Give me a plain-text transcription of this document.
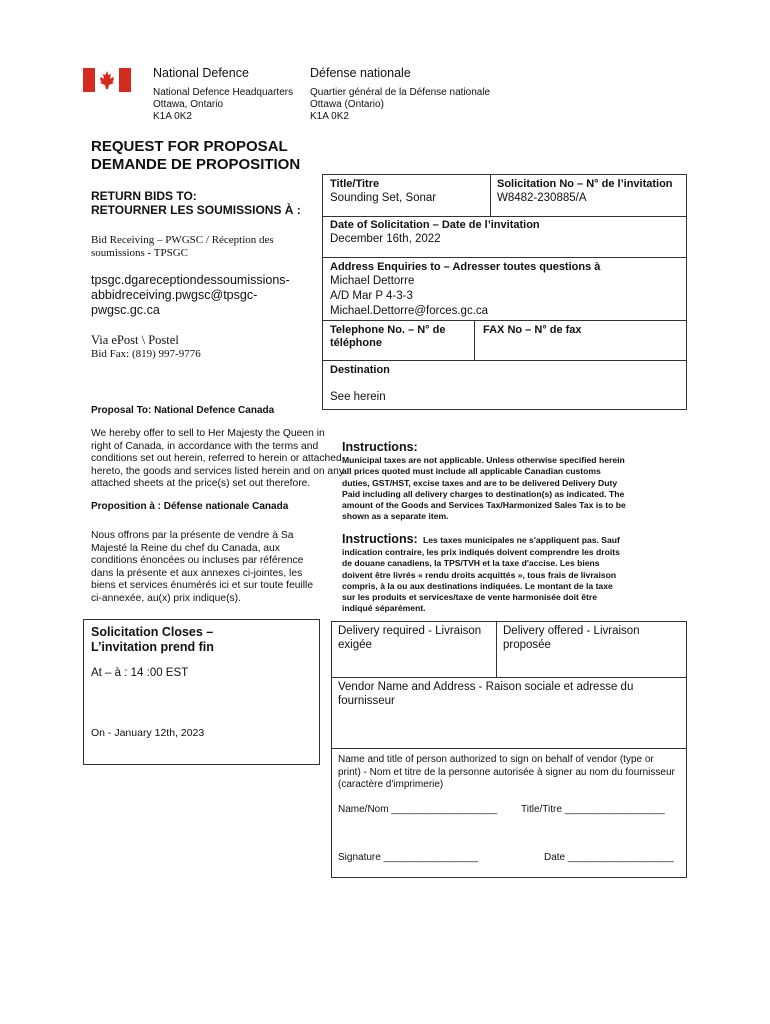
National Defence	Défense nationale
National Defence Headquarters
Ottawa, Ontario
K1A 0K2
Quartier général de la Défense nationale
Ottawa (Ontario)
K1A 0K2
REQUEST FOR PROPOSAL
DEMANDE DE PROPOSITION
RETURN BIDS TO:
RETOURNER LES SOUMISSIONS À :
Bid Receiving – PWGSC / Réception des
soumissions - TPSGC
tpsgc.dgareceptiondessoumissions-
abbidreceiving.pwgsc@tpsgc-
pwgsc.gc.ca
Via ePost \ Postel
Bid Fax: (819) 997-9776
Title/Titre
Sounding Set, Sonar
Solicitation No – N° de l’invitation
W8482-230885/A
Date of Solicitation – Date de l’invitation
December 16th, 2022
Address Enquiries to – Adresser toutes questions à
Michael Dettorre
A/D Mar P 4-3-3
Michael.Dettorre@forces.gc.ca
Telephone No. – N° de
téléphone
FAX No – N° de fax
Destination
See herein
Proposal To: National Defence Canada
We hereby offer to sell to Her Majesty the Queen in
right of Canada, in accordance with the terms and
conditions set out herein, referred to herein or attached
hereto, the goods and services listed herein and on any
attached sheets at the price(s) set out therefore.
Proposition à : Défense nationale Canada
Nous offrons par la présente de vendre à Sa
Majesté la Reine du chef du Canada, aux
conditions énoncées ou incluses par référence
dans la présente et aux annexes ci-jointes, les
biens et services énumérés ici et sur toute feuille
ci-annexée, au(x) prix indique(s).
Instructions:
Municipal taxes are not applicable. Unless otherwise specified herein
all prices quoted must include all applicable Canadian customs
duties, GST/HST, excise taxes and are to be delivered Delivery Duty
Paid including all delivery charges to destination(s) as indicated. The
amount of the Goods and Services Tax/Harmonized Sales Tax is to be
shown as a separate item.
Instructions: Les taxes municipales ne s'appliquent pas. Sauf
indication contraire, les prix indiqués doivent comprendre les droits
de douane canadiens, la TPS/TVH et la taxe d'accise. Les biens
doivent être livrés « rendu droits acquittés », tous frais de livraison
compris, à la ou aux destinations indiquées. Le montant de la taxe
sur les produits et services/taxe de vente harmonisée doit être
indiqué séparément.
Solicitation Closes –
L’invitation prend fin
At – à : 14 :00 EST
On - January 12th, 2023
Delivery required - Livraison
exigée
Delivery offered - Livraison
proposée
Vendor Name and Address - Raison sociale et adresse du
fournisseur
Name and title of person authorized to sign on behalf of vendor (type or
print) - Nom et titre de la personne autorisée à signer au nom du fournisseur
(caractère d'imprimerie)
Name/Nom ___________________ Title/Titre __________________
Signature _________________	Date ___________________
